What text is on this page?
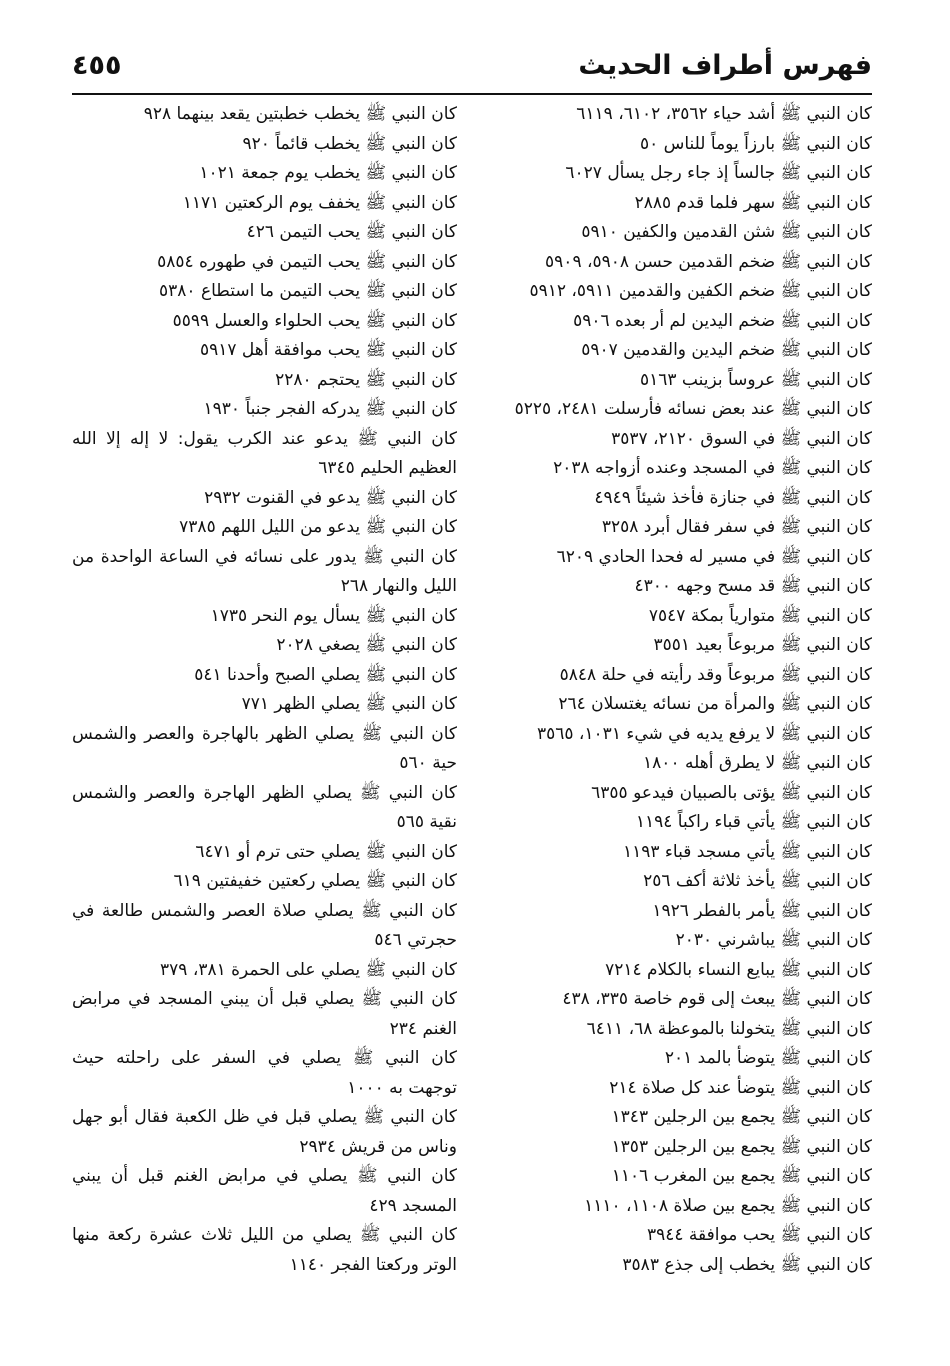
فهرس أطراف الحديث
٤٥٥
كان النبي ﷺ أشد حياء ٣٥٦٢، ٦١٠٢، ٦١١٩
كان النبي ﷺ بارزاً يوماً للناس ٥٠
كان النبي ﷺ جالساً إذ جاء رجل يسأل ٦٠٢٧
كان النبي ﷺ سهر فلما قدم ٢٨٨٥
كان النبي ﷺ شثن القدمين والكفين ٥٩١٠
كان النبي ﷺ ضخم القدمين حسن ٥٩٠٨، ٥٩٠٩
كان النبي ﷺ ضخم الكفين والقدمين ٥٩١١، ٥٩١٢
كان النبي ﷺ ضخم اليدين لم أر بعده ٥٩٠٦
كان النبي ﷺ ضخم اليدين والقدمين ٥٩٠٧
كان النبي ﷺ عروساً بزينب ٥١٦٣
كان النبي ﷺ عند بعض نسائه فأرسلت ٢٤٨١، ٥٢٢٥
كان النبي ﷺ في السوق ٢١٢٠، ٣٥٣٧
كان النبي ﷺ في المسجد وعنده أزواجه ٢٠٣٨
كان النبي ﷺ في جنازة فأخذ شيئاً ٤٩٤٩
كان النبي ﷺ في سفر فقال أبرد ٣٢٥٨
كان النبي ﷺ في مسير له فحدا الحادي ٦٢٠٩
كان النبي ﷺ قد مسح وجهه ٤٣٠٠
كان النبي ﷺ متوارياً بمكة ٧٥٤٧
كان النبي ﷺ مربوعاً بعيد ٣٥٥١
كان النبي ﷺ مربوعاً وقد رأيته في حلة ٥٨٤٨
كان النبي ﷺ والمرأة من نسائه يغتسلان ٢٦٤
كان النبي ﷺ لا يرفع يديه في شيء ١٠٣١، ٣٥٦٥
كان النبي ﷺ لا يطرق أهله ١٨٠٠
كان النبي ﷺ يؤتى بالصبيان فيدعو ٦٣٥٥
كان النبي ﷺ يأتي قباء راكباً ١١٩٤
كان النبي ﷺ يأتي مسجد قباء ١١٩٣
كان النبي ﷺ يأخذ ثلاثة أكف ٢٥٦
كان النبي ﷺ يأمر بالفطر ١٩٢٦
كان النبي ﷺ يباشرني ٢٠٣٠
كان النبي ﷺ يبايع النساء بالكلام ٧٢١٤
كان النبي ﷺ يبعث إلى قوم خاصة ٣٣٥، ٤٣٨
كان النبي ﷺ يتخولنا بالموعظة ٦٨، ٦٤١١
كان النبي ﷺ يتوضأ بالمد ٢٠١
كان النبي ﷺ يتوضأ عند كل صلاة ٢١٤
كان النبي ﷺ يجمع بين الرجلين ١٣٤٣
كان النبي ﷺ يجمع بين الرجلين ١٣٥٣
كان النبي ﷺ يجمع بين المغرب ١١٠٦
كان النبي ﷺ يجمع بين صلاة ١١٠٨، ١١١٠
كان النبي ﷺ يحب موافقة ٣٩٤٤
كان النبي ﷺ يخطب إلى جذع ٣٥٨٣
كان النبي ﷺ يخطب خطبتين يقعد بينهما ٩٢٨
كان النبي ﷺ يخطب قائماً ٩٢٠
كان النبي ﷺ يخطب يوم جمعة ١٠٢١
كان النبي ﷺ يخفف يوم الركعتين ١١٧١
كان النبي ﷺ يحب التيمن ٤٢٦
كان النبي ﷺ يحب التيمن في طهوره ٥٨٥٤
كان النبي ﷺ يحب التيمن ما استطاع ٥٣٨٠
كان النبي ﷺ يحب الحلواء والعسل ٥٥٩٩
كان النبي ﷺ يحب موافقة أهل ٥٩١٧
كان النبي ﷺ يحتجم ٢٢٨٠
كان النبي ﷺ يدركه الفجر جنباً ١٩٣٠
كان النبي ﷺ يدعو عند الكرب يقول: لا إله إلا الله العظيم الحليم ٦٣٤٥
كان النبي ﷺ يدعو في القنوت ٢٩٣٢
كان النبي ﷺ يدعو من الليل اللهم ٧٣٨٥
كان النبي ﷺ يدور على نسائه في الساعة الواحدة من الليل والنهار ٢٦٨
كان النبي ﷺ يسأل يوم النحر ١٧٣٥
كان النبي ﷺ يصغي ٢٠٢٨
كان النبي ﷺ يصلي الصبح وأحدنا ٥٤١
كان النبي ﷺ يصلي الظهر ٧٧١
كان النبي ﷺ يصلي الظهر بالهاجرة والعصر والشمس حية ٥٦٠
كان النبي ﷺ يصلي الظهر الهاجرة والعصر والشمس نقية ٥٦٥
كان النبي ﷺ يصلي حتى ترم أو ٦٤٧١
كان النبي ﷺ يصلي ركعتين خفيفتين ٦١٩
كان النبي ﷺ يصلي صلاة العصر والشمس طالعة في حجرتي ٥٤٦
كان النبي ﷺ يصلي على الحمرة ٣٨١، ٣٧٩
كان النبي ﷺ يصلي قبل أن يبني المسجد في مرابض الغنم ٢٣٤
كان النبي ﷺ يصلي في السفر على راحلته حيث توجهت به ١٠٠٠
كان النبي ﷺ يصلي قبل في ظل الكعبة فقال أبو جهل وناس من قريش ٢٩٣٤
كان النبي ﷺ يصلي في مرابض الغنم قبل أن يبني المسجد ٤٢٩
كان النبي ﷺ يصلي من الليل ثلاث عشرة ركعة منها الوتر وركعتا الفجر ١١٤٠
